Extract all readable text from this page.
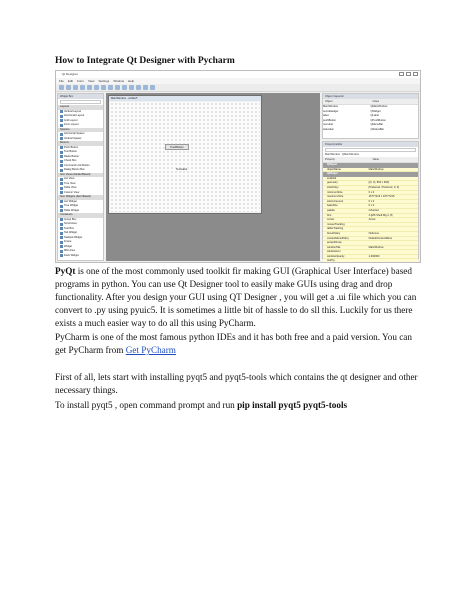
How to Integrate Qt Designer with Pycharm
Qt Designer
File Edit Form View Settings Window Help
Widget Box
Layouts
Vertical Layout
Horizontal Layout
Grid Layout
Form Layout
Spacers
Horizontal Spacer
Vertical Spacer
Buttons
Push Button
Tool Button
Radio Button
Check Box
Command Link Button
Dialog Button Box
Item Views (Model-Based)
List View
Tree View
Table View
Column View
Item Widgets (Item-Based)
List Widget
Tree Widget
Table Widget
Containers
Group Box
Scroll Area
Tool Box
Tab Widget
Stacked Widget
Frame
Widget
MDI Area
Dock Widget
MainWindow - untitled*
PushButton
TextLabel
Object Inspector
Object	Class
MainWindow	QMainWindow
centralwidget	QWidget
label	QLabel
pushButton	QPushButton
menubar	QMenuBar
statusbar	QStatusBar
Property Editor
MainWindow : QMainWindow
Property	Value
QObject
objectName	MainWindow
QWidget
enabled
geometry	[(0, 0), 800 x 600]
sizePolicy	[Preferred, Preferred, 0, 0]
minimumSize	0 x 0
maximumSize	16777215 x 16777215
sizeIncrement	0 x 0
baseSize	0 x 0
palette	Inherited
font	A [MS Shell Dlg 2, 8]
cursor	Arrow
mouseTracking
tabletTracking
focusPolicy	NoFocus
contextMenuPolicy	DefaultContextMenu
acceptDrops
windowTitle	MainWindow
windowIcon
windowOpacity	1.000000
toolTip

PyQt is one of the most commonly used toolkit fir making GUI (Graphical User Interface) based programs in python. You can use Qt Designer tool to easily make GUIs using drag and drop functionality. After you design your GUI using QT Designer , you will get a .ui file which you can convert to .py using pyuic5. It is sometimes a little bit of hassle to do sll this. Luckily for us there exists a much easier way to do all this using PyCharm.

PyCharm is one of the most famous python IDEs and it has both free and a paid version. You can get PyCharm from Get PyCharm

First of all, lets start with installing pyqt5 and pyqt5-tools which contains the qt designer and other necessary things.

To install pyqt5 , open command prompt and run pip install pyqt5 pyqt5-tools
